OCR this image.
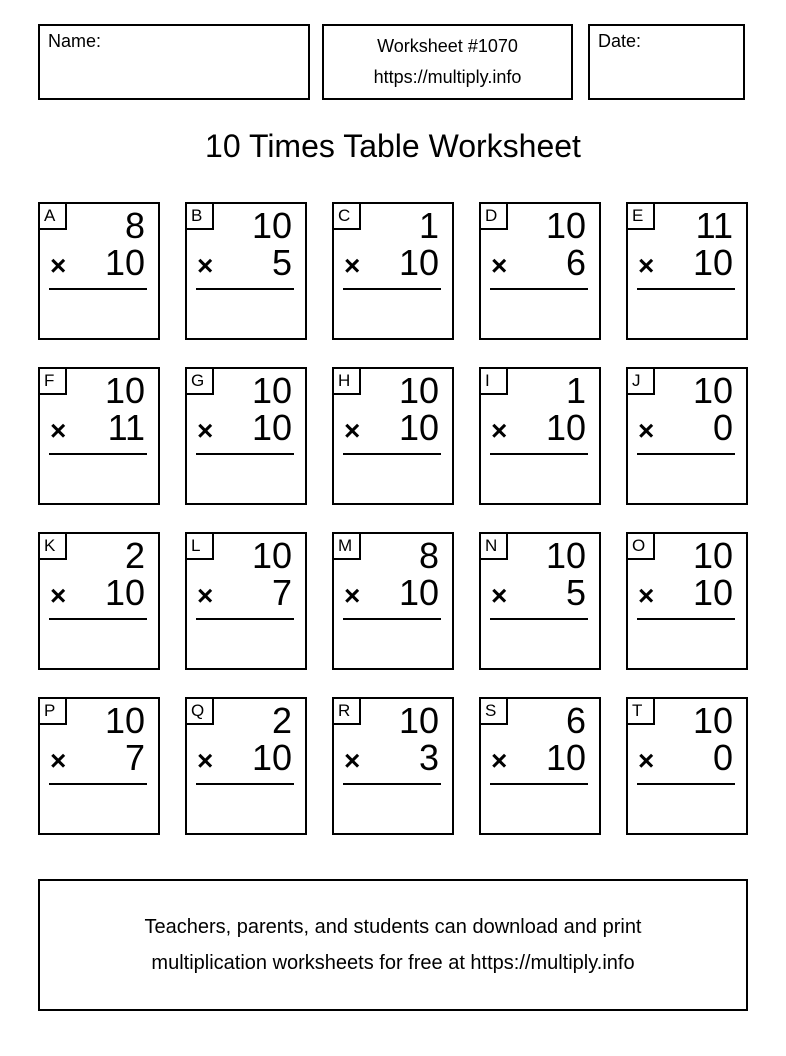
Name:	Worksheet #1070
https://multiply.info
Date:
10 Times Table Worksheet
A	8
× 10
B	10
× 5
C	1
× 10
D	10
× 6
E	11
× 10
F	10
× 11
G	10
× 10
H	10
× 10
I	1
× 10
J	10
× 0
K	2
× 10
L	10
× 7
M	8
× 10
N	10
× 5
O	10
× 10
P	10
× 7
Q	2
× 10
R	10
× 3
S	6
× 10
T	10
× 0
Teachers, parents, and students can download and print
multiplication worksheets for free at https://multiply.info
